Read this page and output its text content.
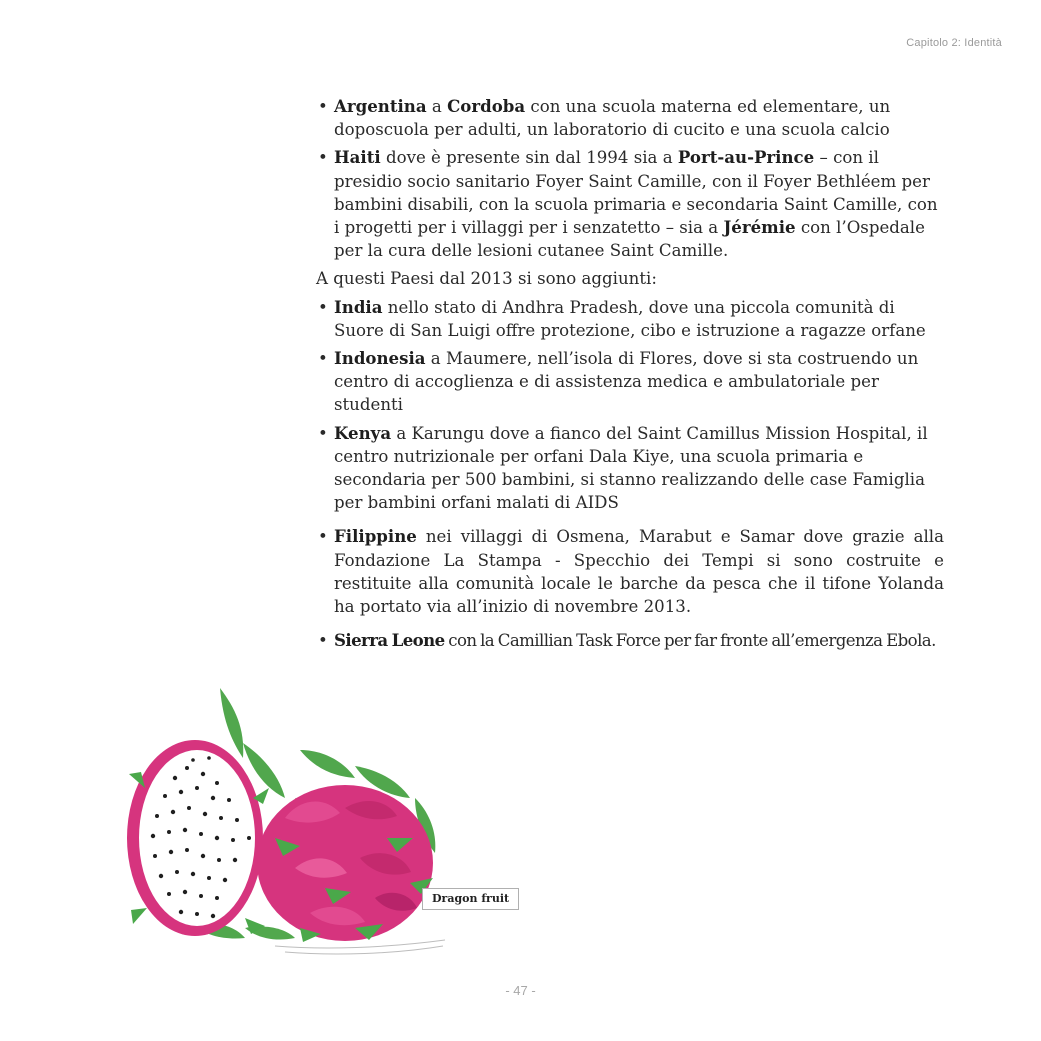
Capitolo 2: Identità
• Argentina a Cordoba con una scuola materna ed elementare, un doposcuola per adulti, un laboratorio di cucito e una scuola calcio
• Haiti dove è presente sin dal 1994 sia a Port-au-Prince – con il presidio socio sanitario Foyer Saint Camille, con il Foyer Bethléem per bambini disabili, con la scuola primaria e secondaria Saint Camille, con i progetti per i villaggi per i senzatetto – sia a Jérémie con l’Ospedale per la cura delle lesioni cutanee Saint Camille.

A questi Paesi dal 2013 si sono aggiunti:

• India nello stato di Andhra Pradesh, dove una piccola comunità di Suore di San Luigi offre protezione, cibo e istruzione a ragazze orfane
• Indonesia a Maumere, nell’isola di Flores, dove si sta costruendo un centro di accoglienza e di assistenza medica e ambulatoriale per studenti
• Kenya a Karungu dove a fianco del Saint Camillus Mission Hospital, il centro nutrizionale per orfani Dala Kiye, una scuola primaria e secondaria per 500 bambini, si stanno realizzando delle case Famiglia per bambini orfani malati di AIDS
• Filippine nei villaggi di Osmena, Marabut e Samar dove grazie alla Fondazione La Stampa - Specchio dei Tempi si sono costruite e restituite alla comunità locale le barche da pesca che il tifone Yolanda ha portato via all’inizio di novembre 2013.
• Sierra Leone con la Camillian Task Force per far fronte all’emergenza Ebola.
Dragon fruit
- 47 -
